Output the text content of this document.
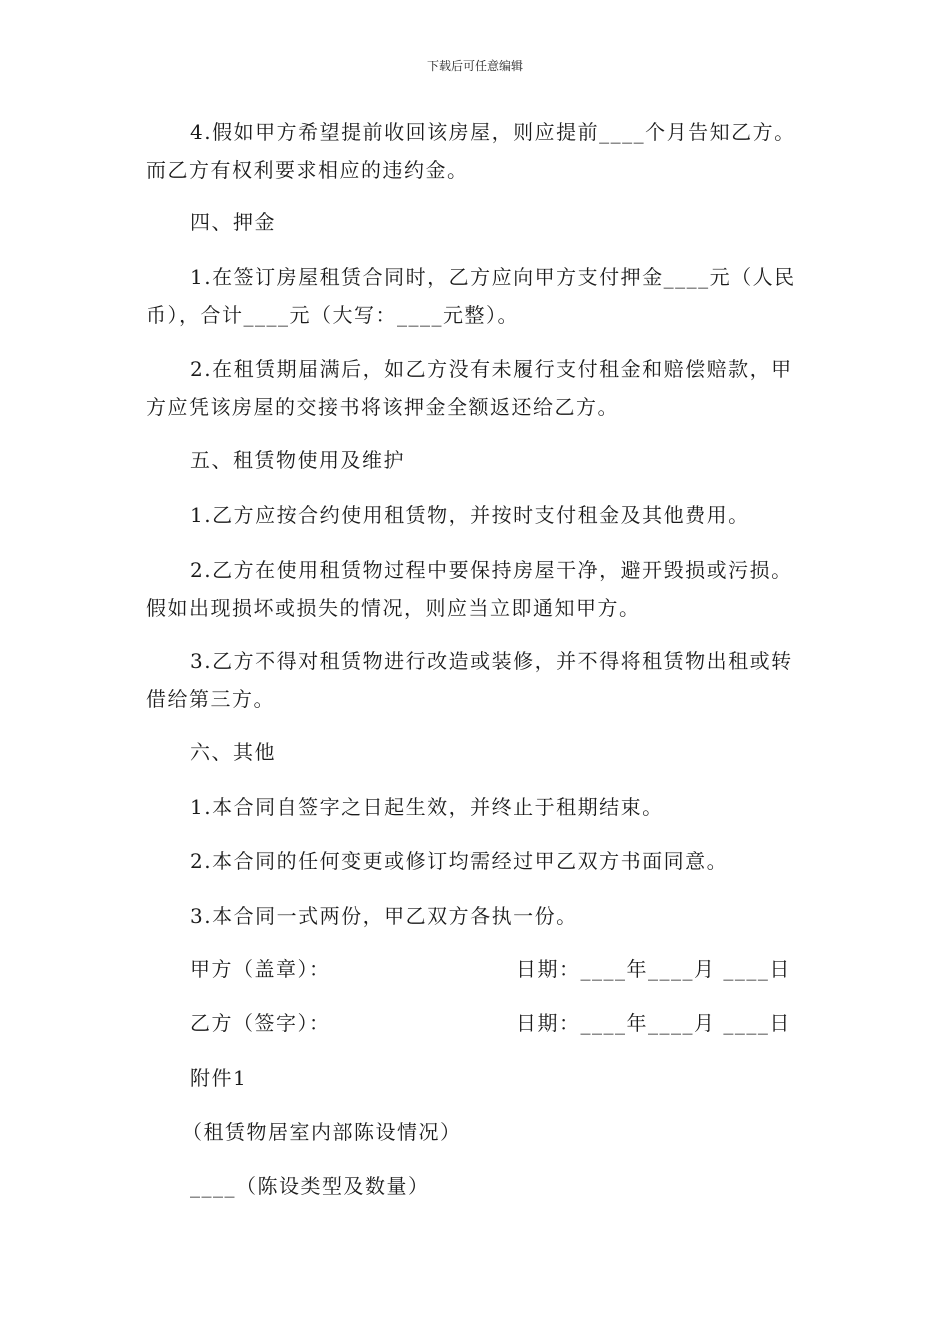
下载后可任意编辑

4.假如甲方希望提前收回该房屋，则应提前____个月告知乙方。而乙方有权利要求相应的违约金。

四、押金

1.在签订房屋租赁合同时，乙方应向甲方支付押金____元（人民币），合计____元（大写：____元整）。

2.在租赁期届满后，如乙方没有未履行支付租金和赔偿赔款，甲方应凭该房屋的交接书将该押金全额返还给乙方。

五、租赁物使用及维护

1.乙方应按合约使用租赁物，并按时支付租金及其他费用。

2.乙方在使用租赁物过程中要保持房屋干净，避开毁损或污损。假如出现损坏或损失的情况，则应当立即通知甲方。

3.乙方不得对租赁物进行改造或装修，并不得将租赁物出租或转借给第三方。

六、其他

1.本合同自签字之日起生效，并终止于租期结束。

2.本合同的任何变更或修订均需经过甲乙双方书面同意。

3.本合同一式两份，甲乙双方各执一份。

甲方（盖章）：	日期：____年____月 ____日
乙方（签字）：	日期：____年____月 ____日
附件1
（租赁物居室内部陈设情况）
____（陈设类型及数量）
